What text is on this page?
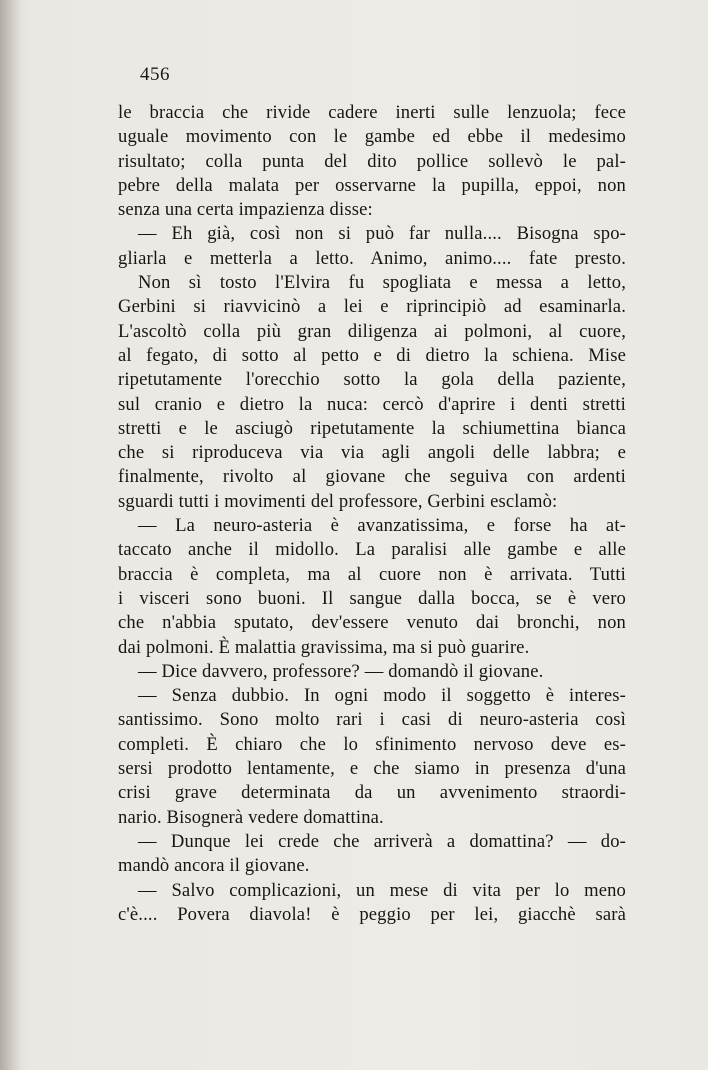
456
le braccia che rivide cadere inerti sulle lenzuola; fece
uguale movimento con le gambe ed ebbe il medesimo
risultato; colla punta del dito pollice sollevò le pal-
pebre della malata per osservarne la pupilla, eppoi, non
senza una certa impazienza disse:
— Eh già, così non si può far nulla.... Bisogna spo-
gliarla e metterla a letto. Animo, animo.... fate presto.
Non sì tosto l'Elvira fu spogliata e messa a letto,
Gerbini si riavvicinò a lei e riprincipiò ad esaminarla.
L'ascoltò colla più gran diligenza ai polmoni, al cuore,
al fegato, di sotto al petto e di dietro la schiena. Mise
ripetutamente l'orecchio sotto la gola della paziente,
sul cranio e dietro la nuca: cercò d'aprire i denti stretti
stretti e le asciugò ripetutamente la schiumettina bianca
che si riproduceva via via agli angoli delle labbra; e
finalmente, rivolto al giovane che seguiva con ardenti
sguardi tutti i movimenti del professore, Gerbini esclamò:
— La neuro-asteria è avanzatissima, e forse ha at-
taccato anche il midollo. La paralisi alle gambe e alle
braccia è completa, ma al cuore non è arrivata. Tutti
i visceri sono buoni. Il sangue dalla bocca, se è vero
che n'abbia sputato, dev'essere venuto dai bronchi, non
dai polmoni. È malattia gravissima, ma si può guarire.
— Dice davvero, professore? — domandò il giovane.
— Senza dubbio. In ogni modo il soggetto è interes-
santissimo. Sono molto rari i casi di neuro-asteria così
completi. È chiaro che lo sfinimento nervoso deve es-
sersi prodotto lentamente, e che siamo in presenza d'una
crisi grave determinata da un avvenimento straordi-
nario. Bisognerà vedere domattina.
— Dunque lei crede che arriverà a domattina? — do-
mandò ancora il giovane.
— Salvo complicazioni, un mese di vita per lo meno
c'è.... Povera diavola! è peggio per lei, giacchè sarà
